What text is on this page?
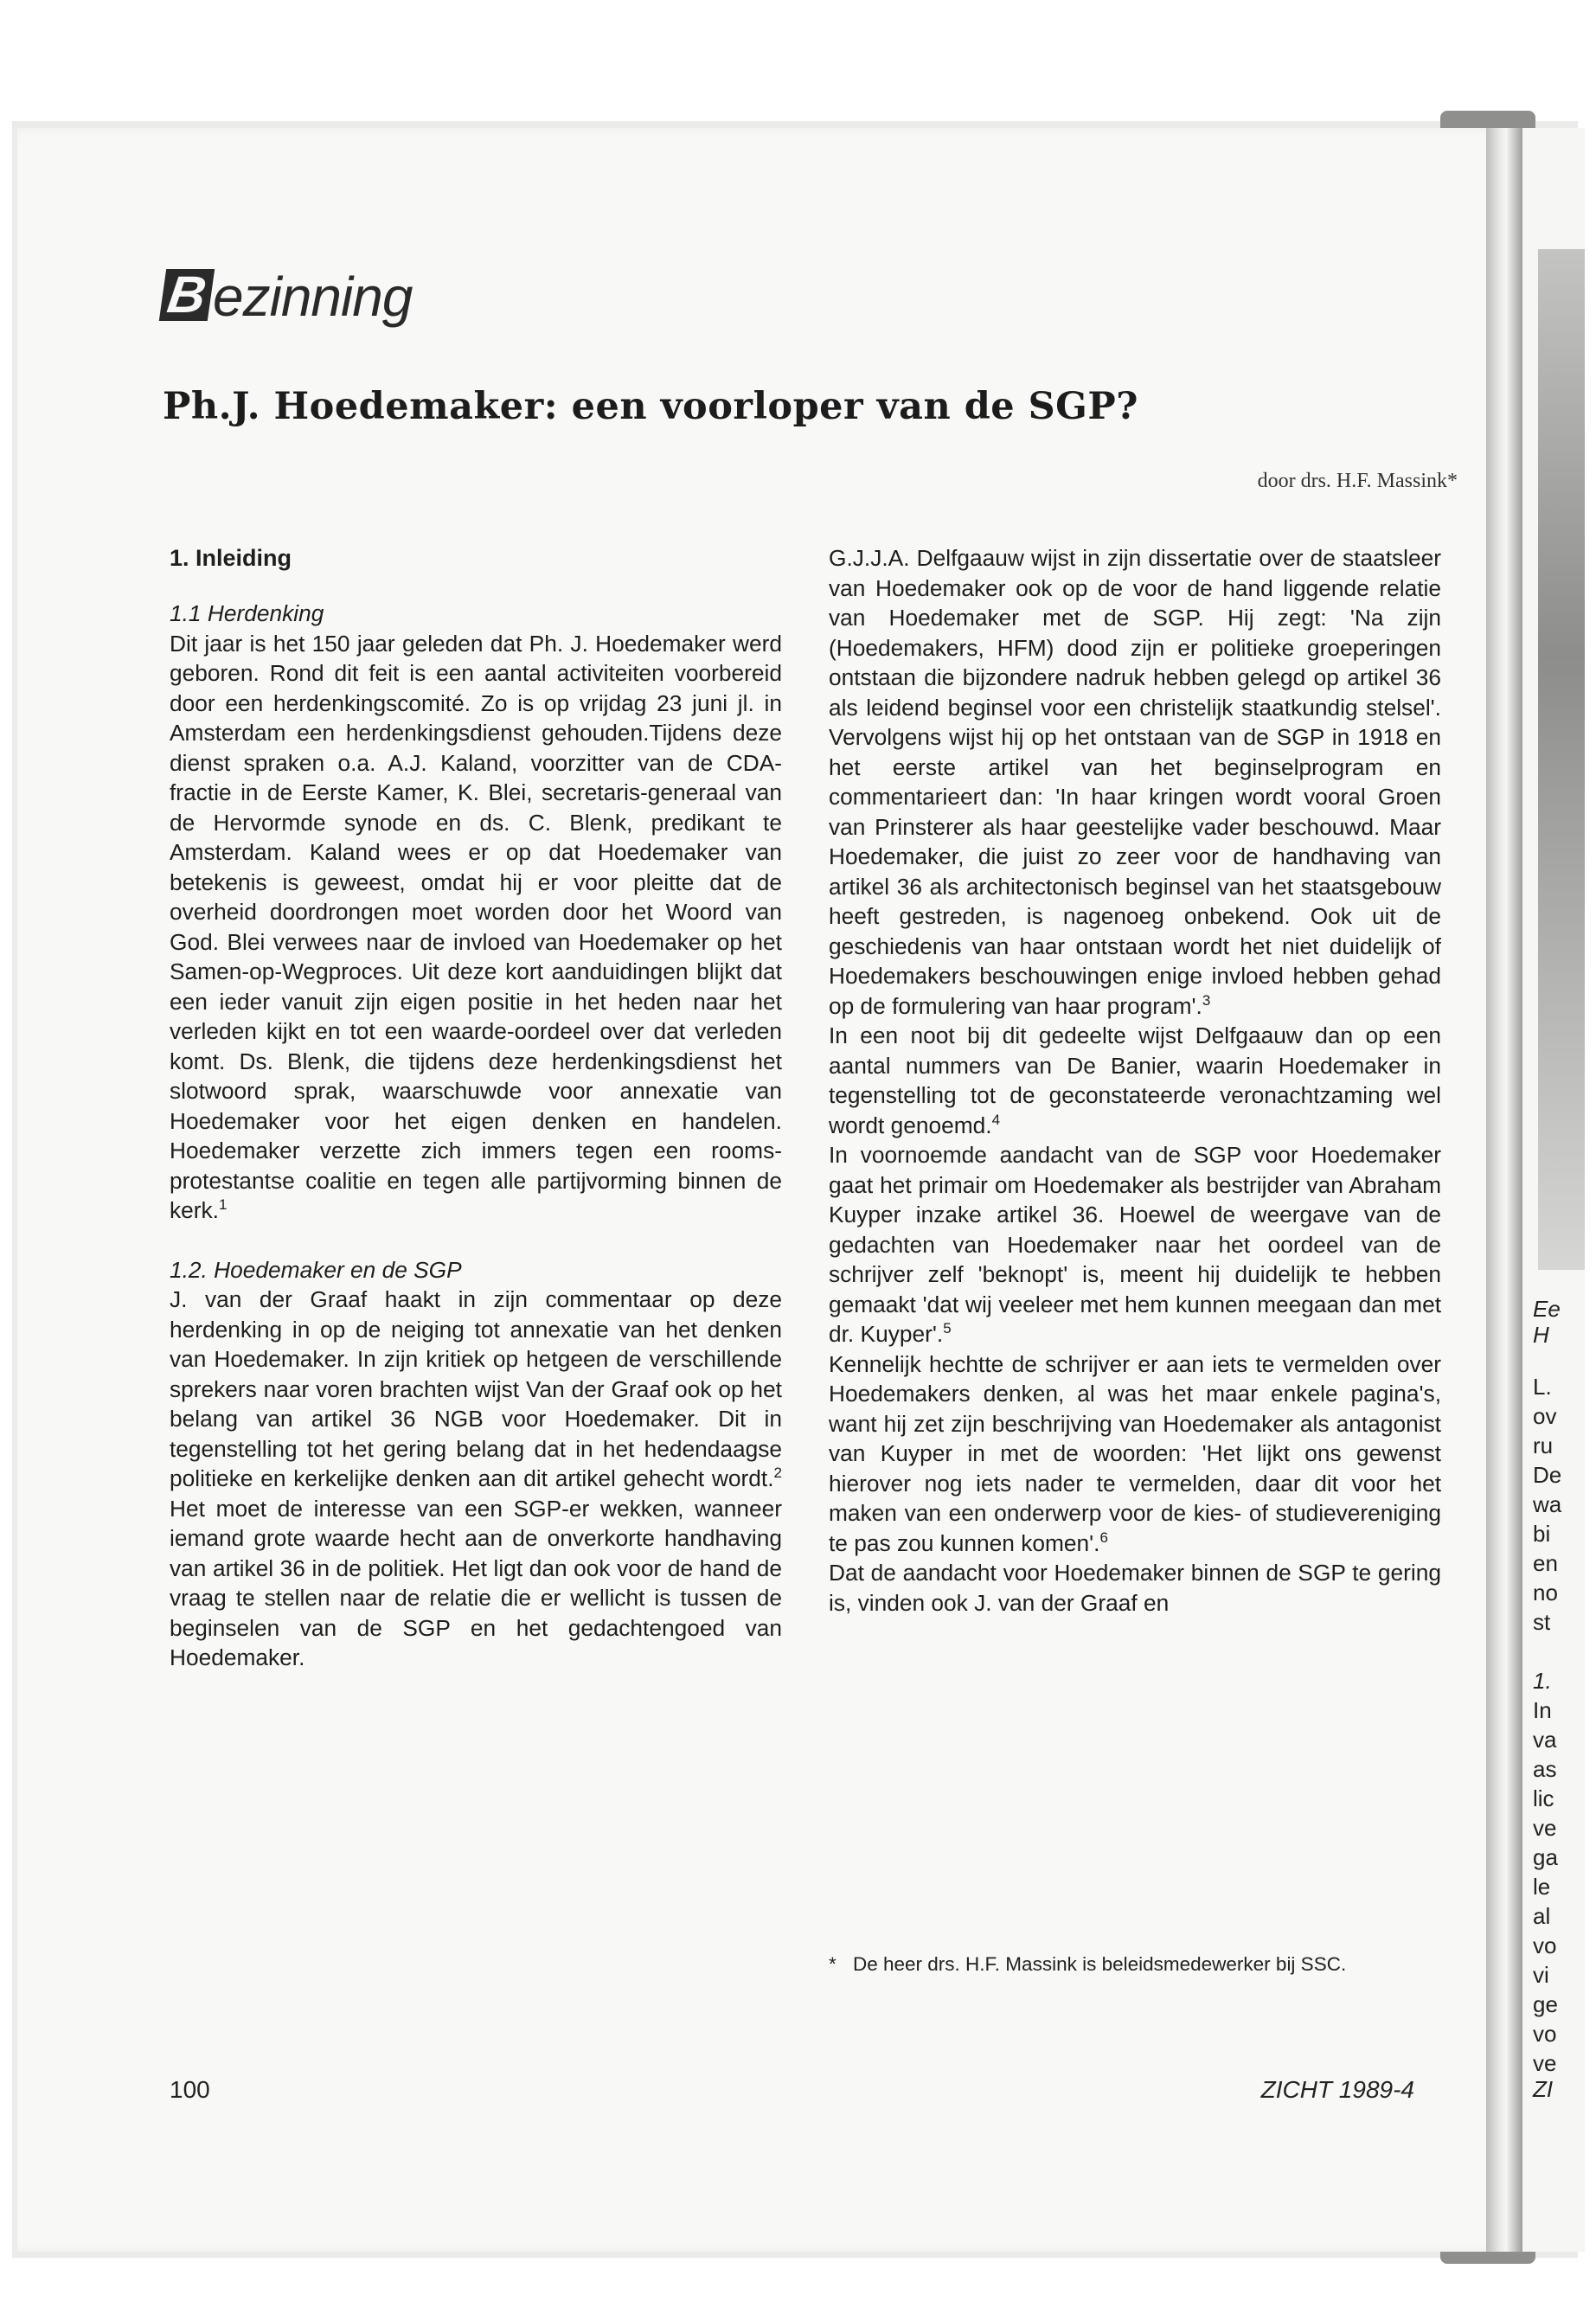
Ee
H
L.
ov
ru
De
wa
bi
en
no
st
1.
In
va
as
lic
ve
ga
le
al
vo
vi
ge
vo
ve
ZI
B ezinning
Ph.J. Hoedemaker: een voorloper van de SGP?
door drs. H.F. Massink*
1. Inleiding
1.1 Herdenking

Dit jaar is het 150 jaar geleden dat Ph. J. Hoedemaker werd geboren. Rond dit feit is een aantal activiteiten voorbereid door een herdenkingscomité. Zo is op vrijdag 23 juni jl. in Amsterdam een herdenkingsdienst gehouden.Tijdens deze dienst spraken o.a. A.J. Kaland, voorzitter van de CDA-fractie in de Eerste Kamer, K. Blei, secretaris-generaal van de Hervormde synode en ds. C. Blenk, predikant te Amsterdam. Kaland wees er op dat Hoedemaker van betekenis is geweest, omdat hij er voor pleitte dat de overheid doordrongen moet worden door het Woord van God. Blei verwees naar de invloed van Hoedemaker op het Samen-op-Wegproces. Uit deze kort aanduidingen blijkt dat een ieder vanuit zijn eigen positie in het heden naar het verleden kijkt en tot een waarde-oordeel over dat verleden komt. Ds. Blenk, die tijdens deze herdenkingsdienst het slotwoord sprak, waarschuwde voor annexatie van Hoedemaker voor het eigen denken en handelen. Hoedemaker verzette zich immers tegen een rooms-protestantse coalitie en tegen alle partijvorming binnen de kerk.$^1$

1.2. Hoedemaker en de SGP

J. van der Graaf haakt in zijn commentaar op deze herdenking in op de neiging tot annexatie van het denken van Hoedemaker. In zijn kritiek op hetgeen de verschillende sprekers naar voren brachten wijst Van der Graaf ook op het belang van artikel 36 NGB voor Hoedemaker. Dit in tegenstelling tot het gering belang dat in het hedendaagse politieke en kerkelijke denken aan dit artikel gehecht wordt.$^2$ Het moet de interesse van een SGP-er wekken, wanneer iemand grote waarde hecht aan de onverkorte handhaving van artikel 36 in de politiek. Het ligt dan ook voor de hand de vraag te stellen naar de relatie die er wellicht is tussen de beginselen van de SGP en het gedachtengoed van Hoedemaker.

G.J.J.A. Delfgaauw wijst in zijn dissertatie over de staatsleer van Hoedemaker ook op de voor de hand liggende relatie van Hoedemaker met de SGP. Hij zegt: 'Na zijn (Hoedemakers, HFM) dood zijn er politieke groeperingen ontstaan die bijzondere nadruk hebben gelegd op artikel 36 als leidend beginsel voor een christelijk staatkundig stelsel'. Vervolgens wijst hij op het ontstaan van de SGP in 1918 en het eerste artikel van het beginselprogram en commentarieert dan: 'In haar kringen wordt vooral Groen van Prinsterer als haar geestelijke vader beschouwd. Maar Hoedemaker, die juist zo zeer voor de handhaving van artikel 36 als architectonisch beginsel van het staatsgebouw heeft gestreden, is nagenoeg onbekend. Ook uit de geschiedenis van haar ontstaan wordt het niet duidelijk of Hoedemakers beschouwingen enige invloed hebben gehad op de formulering van haar program'.$^3$

In een noot bij dit gedeelte wijst Delfgaauw dan op een aantal nummers van De Banier, waarin Hoedemaker in tegenstelling tot de geconstateerde veronachtzaming wel wordt genoemd.$^4$

In voornoemde aandacht van de SGP voor Hoedemaker gaat het primair om Hoedemaker als bestrijder van Abraham Kuyper inzake artikel 36. Hoewel de weergave van de gedachten van Hoedemaker naar het oordeel van de schrijver zelf 'beknopt' is, meent hij duidelijk te hebben gemaakt 'dat wij veeleer met hem kunnen meegaan dan met dr. Kuyper'.$^5$

Kennelijk hechtte de schrijver er aan iets te vermelden over Hoedemakers denken, al was het maar enkele pagina's, want hij zet zijn beschrijving van Hoedemaker als antagonist van Kuyper in met de woorden: 'Het lijkt ons gewenst hierover nog iets nader te vermelden, daar dit voor het maken van een onderwerp voor de kies- of studievereniging te pas zou kunnen komen'.$^6$

Dat de aandacht voor Hoedemaker binnen de SGP te gering is, vinden ook J. van der Graaf en

* De heer drs. H.F. Massink is beleidsmedewerker bij SSC.
100	ZICHT 1989-4
